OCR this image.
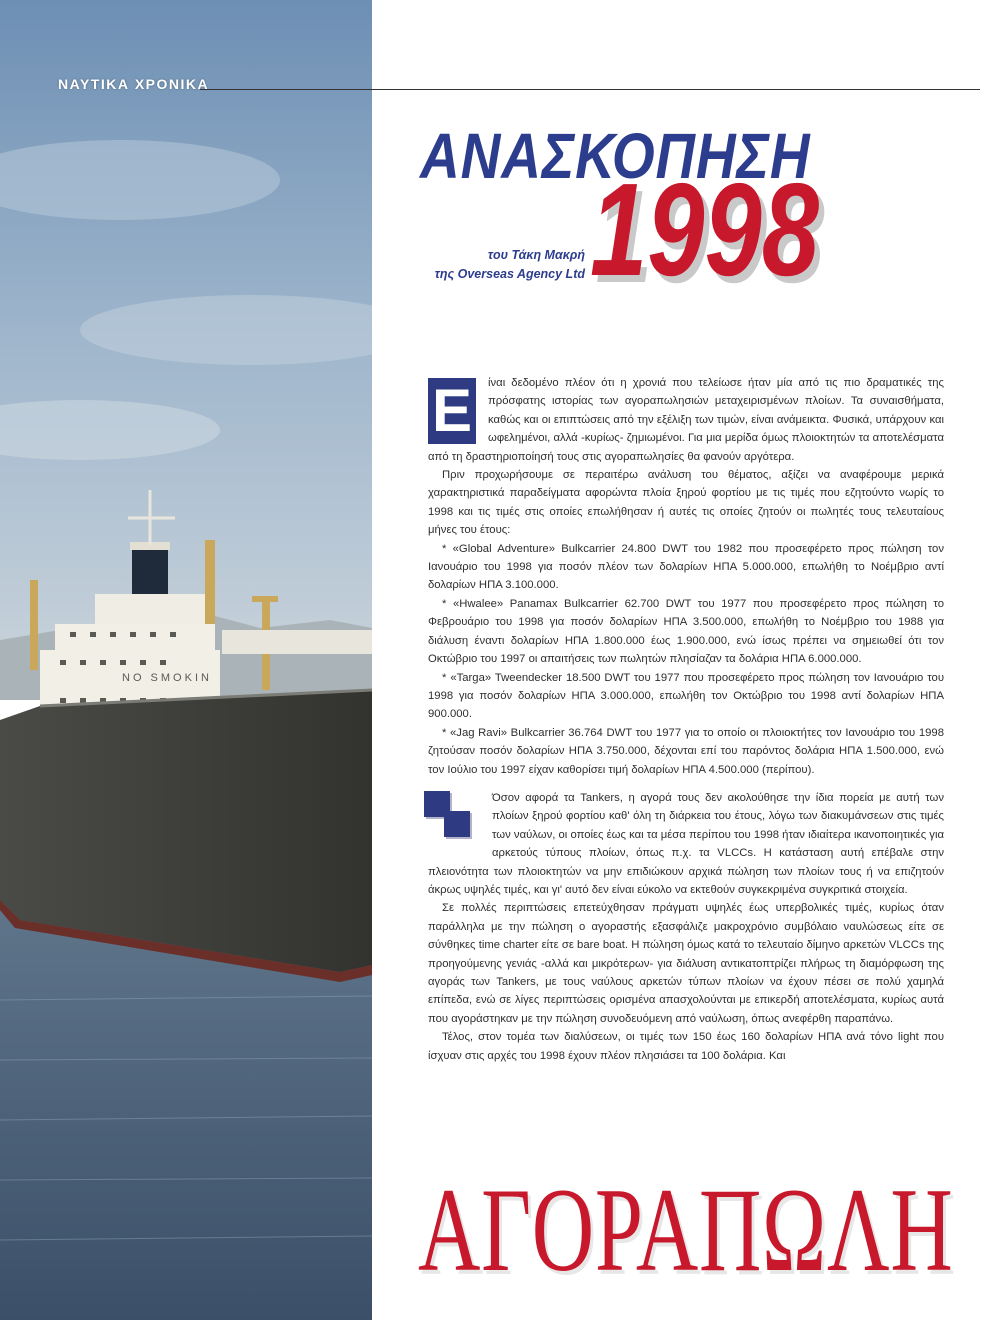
NO SMOKIN
ΝΑΥΤΙΚΑ ΧΡΟΝΙΚΑ
ΑΝΑΣΚΟΠΗΣΗ
1998
του Τάκη Μακρή
της Overseas Agency Ltd

Ε	ίναι δεδομένο πλέον ότι η χρονιά που τελείωσε ήταν μία από τις πιο δραματικές της πρόσφατης ιστορίας των αγοραπωλησιών μεταχειρισμένων πλοίων. Τα συναισθήματα, καθώς και οι επιπτώσεις από την εξέλιξη των τιμών, είναι ανάμεικτα. Φυσικά, υπάρχουν και ωφελημένοι, αλλά -κυρίως- ζημιωμένοι. Για μια μερίδα όμως πλοιοκτητών τα αποτελέσματα από τη δραστηριοποίησή τους στις αγοραπωλησίες θα φανούν αργότερα.

Πριν προχωρήσουμε σε περαιτέρω ανάλυση του θέματος, αξίζει να αναφέρουμε μερικά χαρακτηριστικά παραδείγματα αφορώντα πλοία ξηρού φορτίου με τις τιμές που εζητούντο νωρίς το 1998 και τις τιμές στις οποίες επωλήθησαν ή αυτές τις οποίες ζητούν οι πωλητές τους τελευταίους μήνες του έτους:

* «Global Adventure» Bulkcarrier 24.800 DWT του 1982 που προσεφέρετο προς πώληση τον Ιανουάριο του 1998 για ποσόν πλέον των δολαρίων ΗΠΑ 5.000.000, επωλήθη το Νοέμβριο αντί δολαρίων ΗΠΑ 3.100.000.

* «Hwalee» Panamax Bulkcarrier 62.700 DWT του 1977 που προσεφέρετο προς πώληση το Φεβρουάριο του 1998 για ποσόν δολαρίων ΗΠΑ 3.500.000, επωλήθη το Νοέμβριο του 1988 για διάλυση έναντι δολαρίων ΗΠΑ 1.800.000 έως 1.900.000, ενώ ίσως πρέπει να σημειωθεί ότι τον Οκτώβριο του 1997 οι απαιτήσεις των πωλητών πλησίαζαν τα δολάρια ΗΠΑ 6.000.000.

* «Targa» Tweendecker 18.500 DWT του 1977 που προσεφέρετο προς πώληση τον Ιανουάριο του 1998 για ποσόν δολαρίων ΗΠΑ 3.000.000, επωλήθη τον Οκτώβριο του 1998 αντί δολαρίων ΗΠΑ 900.000.

* «Jag Ravi» Bulkcarrier 36.764 DWT του 1977 για το οποίο οι πλοιοκτήτες τον Ιανουάριο του 1998 ζητούσαν ποσόν δολαρίων ΗΠΑ 3.750.000, δέχονται επί του παρόντος δολάρια ΗΠΑ 1.500.000, ενώ τον Ιούλιο του 1997 είχαν καθορίσει τιμή δολαρίων ΗΠΑ 4.500.000 (περίπου).

Όσον αφορά τα Tankers, η αγορά τους δεν ακολούθησε την ίδια πορεία με αυτή των πλοίων ξηρού φορτίου καθ' όλη τη διάρκεια του έτους, λόγω των διακυμάνσεων στις τιμές των ναύλων, οι οποίες έως και τα μέσα περίπου του 1998 ήταν ιδιαίτερα ικανοποιητικές για αρκετούς τύπους πλοίων, όπως π.χ. τα VLCCs. Η κατάσταση αυτή επέβαλε στην πλειονότητα των πλοιοκτητών να μην επιδιώκουν αρχικά πώληση των πλοίων τους ή να επιζητούν άκρως υψηλές τιμές, και γι' αυτό δεν είναι εύκολο να εκτεθούν συγκεκριμένα συγκριτικά στοιχεία.

Σε πολλές περιπτώσεις επετεύχθησαν πράγματι υψηλές έως υπερβολικές τιμές, κυρίως όταν παράλληλα με την πώληση ο αγοραστής εξασφάλιζε μακροχρόνιο συμβόλαιο ναυλώσεως είτε σε σύνθηκες time charter είτε σε bare boat. Η πώληση όμως κατά το τελευταίο δίμηνο αρκετών VLCCs της προηγούμενης γενιάς -αλλά και μικρότερων- για διάλυση αντικατοπτρίζει πλήρως τη διαμόρφωση της αγοράς των Tankers, με τους ναύλους αρκετών τύπων πλοίων να έχουν πέσει σε πολύ χαμηλά επίπεδα, ενώ σε λίγες περιπτώσεις ορισμένα απασχολούνται με επικερδή αποτελέσματα, κυρίως αυτά που αγοράστηκαν με την πώληση συνοδευόμενη από ναύλωση, όπως ανεφέρθη παραπάνω.

Τέλος, στον τομέα των διαλύσεων, οι τιμές των 150 έως 160 δολαρίων ΗΠΑ ανά τόνο light που ίσχυαν στις αρχές του 1998 έχουν πλέον πλησιάσει τα 100 δολάρια. Και

ΑΓΟΡΑΠΩΛΗ
